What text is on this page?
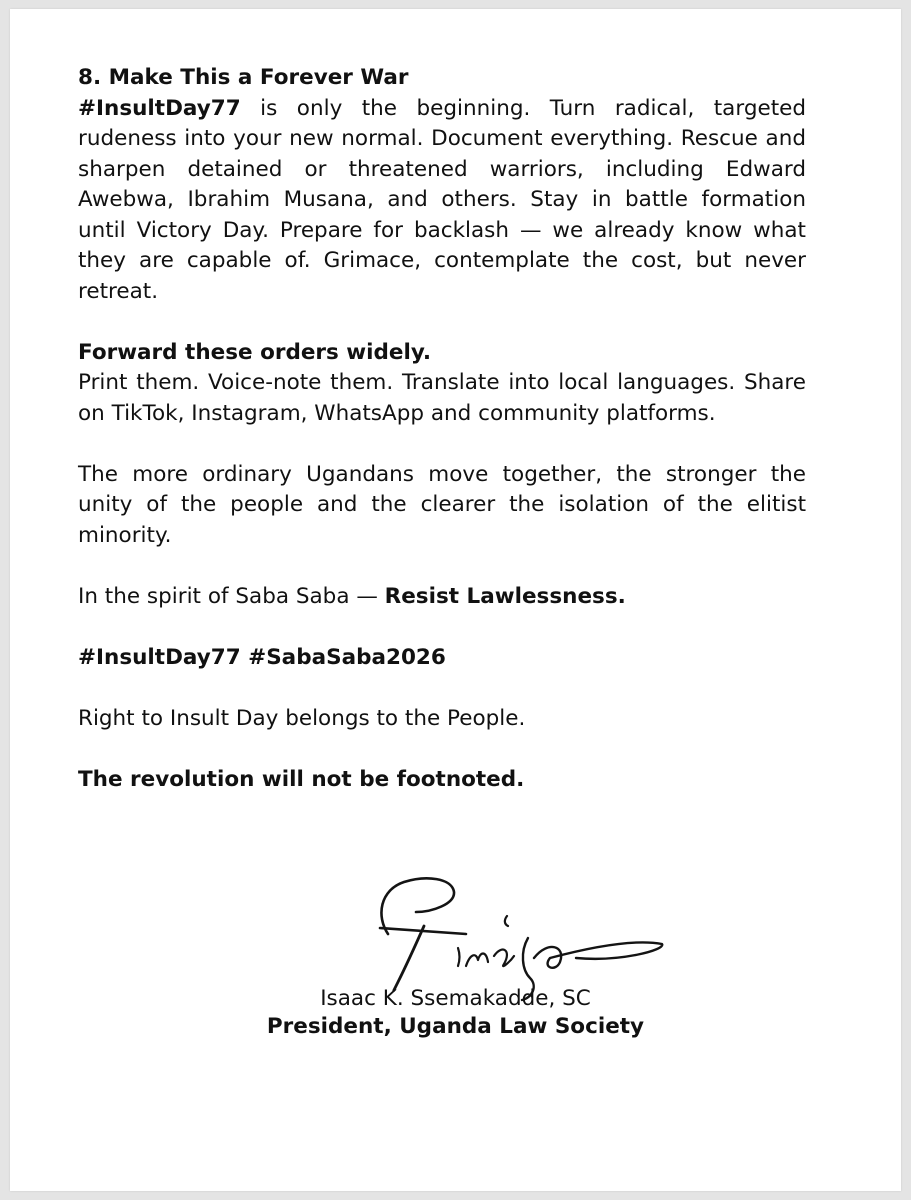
8. Make This a Forever War

#InsultDay77 is only the beginning. Turn radical, targeted rudeness into your new normal. Document everything. Rescue and sharpen detained or threatened warriors, including Edward Awebwa, Ibrahim Musana, and others. Stay in battle formation until Victory Day. Prepare for backlash — we already know what they are capable of. Grimace, contemplate the cost, but never retreat.

Forward these orders widely.

Print them. Voice-note them. Translate into local languages. Share on TikTok, Instagram, WhatsApp and community platforms.

The more ordinary Ugandans move together, the stronger the unity of the people and the clearer the isolation of the elitist minority.

In the spirit of Saba Saba — Resist Lawlessness.

#InsultDay77 #SabaSaba2026

Right to Insult Day belongs to the People.

The revolution will not be footnoted.

Isaac K. Ssemakadde, SC
President, Uganda Law Society
